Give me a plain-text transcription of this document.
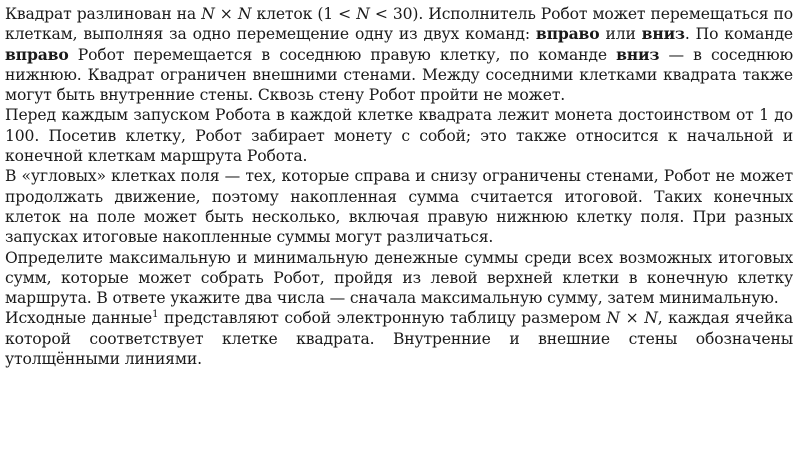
Квадрат разлинован на N × N клеток (1 < N < 30). Исполнитель Робот может перемещаться по клеткам, выполняя за одно перемещение одну из двух команд: вправо или вниз. По команде вправо Робот перемещается в соседнюю правую клетку, по команде вниз — в соседнюю нижнюю. Квадрат ограничен внешними стенами. Между соседними клетками квадрата также могут быть внутренние стены. Сквозь стену Робот пройти не может.

Перед каждым запуском Робота в каждой клетке квадрата лежит монета достоинством от 1 до 100. Посетив клетку, Робот забирает монету с собой; это также относится к начальной и конечной клеткам маршрута Робота.

В «угловых» клетках поля — тех, которые справа и снизу ограничены стенами, Робот не может продолжать движение, поэтому накопленная сумма считается итоговой. Таких конечных клеток на поле может быть несколько, включая правую нижнюю клетку поля. При разных запусках итоговые накопленные суммы могут различаться.

Определите максимальную и минимальную денежные суммы среди всех возможных итоговых сумм, которые может собрать Робот, пройдя из левой верхней клетки в конечную клетку маршрута. В ответе укажите два числа — сначала максимальную сумму, затем минимальную.

Исходные данные$^1$ представляют собой электронную таблицу размером N × N, каждая ячейка которой соответствует клетке квадрата. Внутренние и внешние стены обозначены утолщёнными линиями.
